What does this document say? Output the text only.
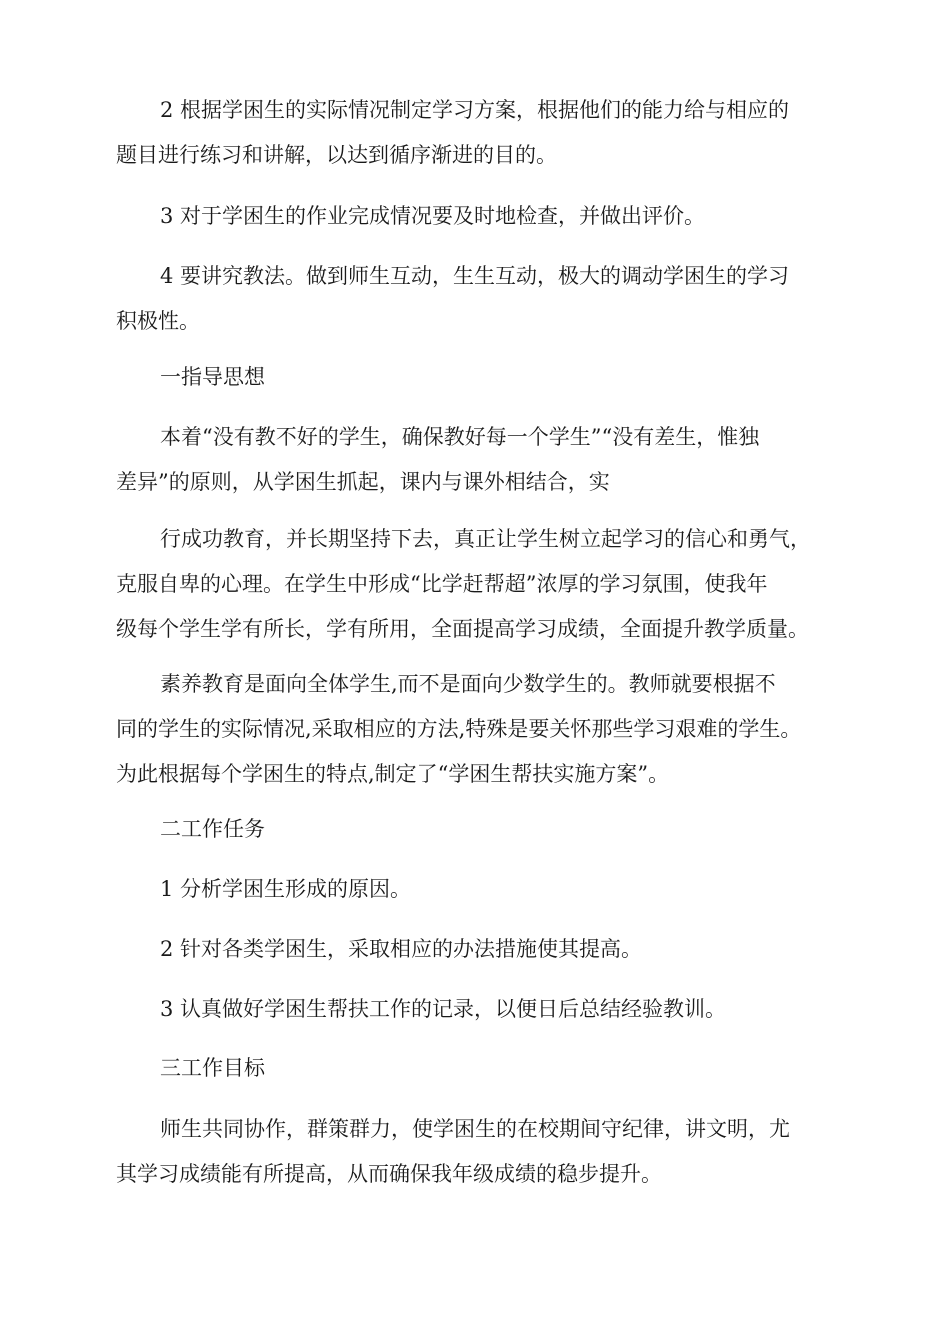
2 根据学困生的实际情况制定学习方案，根据他们的能力给与相应的
题目进行练习和讲解，以达到循序渐进的目的。

3 对于学困生的作业完成情况要及时地检查，并做出评价。

4 要讲究教法。做到师生互动，生生互动，极大的调动学困生的学习
积极性。

一指导思想

本着“没有教不好的学生，确保教好每一个学生”“没有差生，惟独
差异”的原则，从学困生抓起，课内与课外相结合，实

行成功教育，并长期坚持下去，真正让学生树立起学习的信心和勇气，
克服自卑的心理。在学生中形成“比学赶帮超”浓厚的学习氛围，使我年
级每个学生学有所长，学有所用，全面提高学习成绩，全面提升教学质量。

素养教育是面向全体学生,而不是面向少数学生的。教师就要根据不
同的学生的实际情况,采取相应的方法,特殊是要关怀那些学习艰难的学生。
为此根据每个学困生的特点,制定了“学困生帮扶实施方案”。

二工作任务

1 分析学困生形成的原因。

2 针对各类学困生，采取相应的办法措施使其提高。

3 认真做好学困生帮扶工作的记录，以便日后总结经验教训。

三工作目标

师生共同协作，群策群力，使学困生的在校期间守纪律，讲文明，尤
其学习成绩能有所提高，从而确保我年级成绩的稳步提升。
